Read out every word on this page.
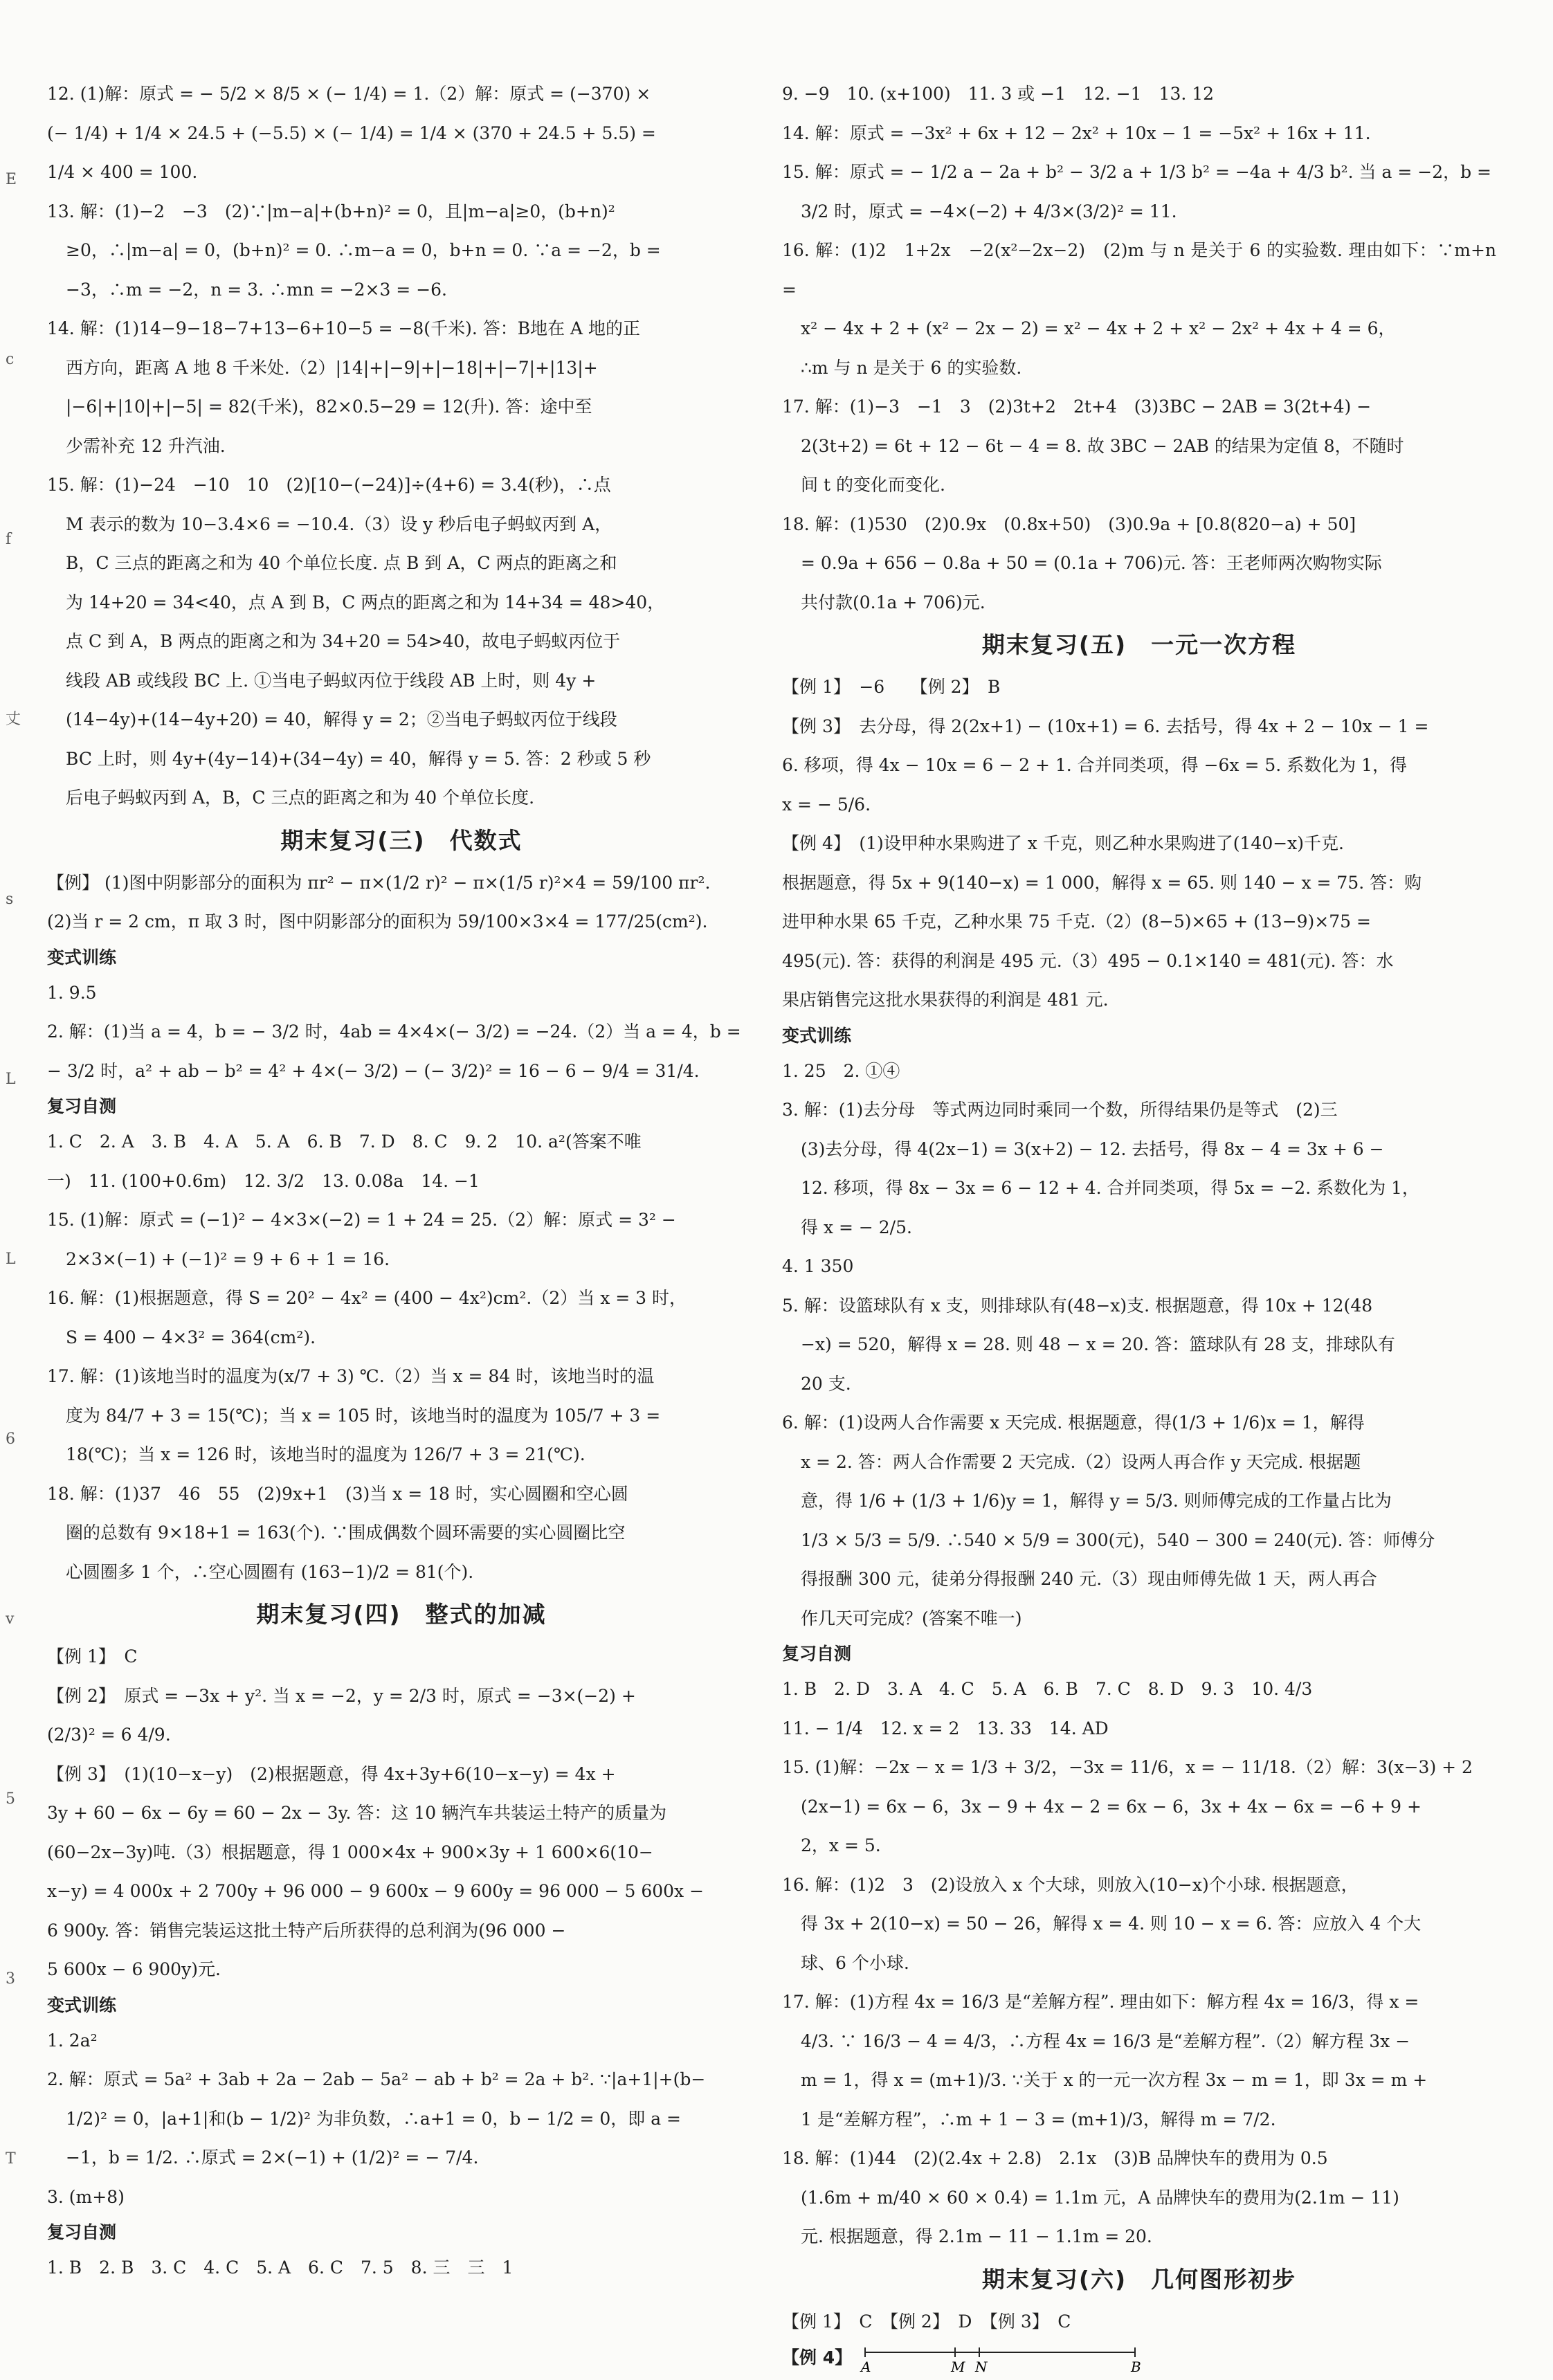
E
c
f
丈
s
L
L
6
v
5
3
T

12. (1)解：原式 = − 5/2 × 8/5 × (− 1/4) = 1.（2）解：原式 = (−370) ×

(− 1/4) + 1/4 × 24.5 + (−5.5) × (− 1/4) = 1/4 × (370 + 24.5 + 5.5) =

1/4 × 400 = 100.

13. 解：(1)−2　−3　(2)∵|m−a|+(b+n)² = 0，且|m−a|≥0，(b+n)²

≥0，∴|m−a| = 0，(b+n)² = 0. ∴m−a = 0，b+n = 0. ∵a = −2，b =

−3，∴m = −2，n = 3. ∴mn = −2×3 = −6.

14. 解：(1)14−9−18−7+13−6+10−5 = −8(千米). 答：B地在 A 地的正

西方向，距离 A 地 8 千米处.（2）|14|+|−9|+|−18|+|−7|+|13|+

|−6|+|10|+|−5| = 82(千米)，82×0.5−29 = 12(升). 答：途中至

少需补充 12 升汽油.

15. 解：(1)−24　−10　10　(2)[10−(−24)]÷(4+6) = 3.4(秒)，∴点

M 表示的数为 10−3.4×6 = −10.4.（3）设 y 秒后电子蚂蚁丙到 A，

B，C 三点的距离之和为 40 个单位长度. 点 B 到 A，C 两点的距离之和

为 14+20 = 34<40，点 A 到 B，C 两点的距离之和为 14+34 = 48>40，

点 C 到 A，B 两点的距离之和为 34+20 = 54>40，故电子蚂蚁丙位于

线段 AB 或线段 BC 上. ①当电子蚂蚁丙位于线段 AB 上时，则 4y +

(14−4y)+(14−4y+20) = 40，解得 y = 2；②当电子蚂蚁丙位于线段

BC 上时，则 4y+(4y−14)+(34−4y) = 40，解得 y = 5. 答：2 秒或 5 秒

后电子蚂蚁丙到 A，B，C 三点的距离之和为 40 个单位长度.

期末复习(三)　代数式

【例】 (1)图中阴影部分的面积为 πr² − π×(1/2 r)² − π×(1/5 r)²×4 = 59/100 πr².

(2)当 r = 2 cm，π 取 3 时，图中阴影部分的面积为 59/100×3×4 = 177/25(cm²).

变式训练

1. 9.5

2. 解：(1)当 a = 4，b = − 3/2 时，4ab = 4×4×(− 3/2) = −24.（2）当 a = 4，b =

− 3/2 时，a² + ab − b² = 4² + 4×(− 3/2) − (− 3/2)² = 16 − 6 − 9/4 = 31/4.

复习自测

1. C　2. A　3. B　4. A　5. A　6. B　7. D　8. C　9. 2　10. a²(答案不唯

一)　11. (100+0.6m)　12. 3/2　13. 0.08a　14. −1

15. (1)解：原式 = (−1)² − 4×3×(−2) = 1 + 24 = 25.（2）解：原式 = 3² −

2×3×(−1) + (−1)² = 9 + 6 + 1 = 16.

16. 解：(1)根据题意，得 S = 20² − 4x² = (400 − 4x²)cm².（2）当 x = 3 时，

S = 400 − 4×3² = 364(cm²).

17. 解：(1)该地当时的温度为(x/7 + 3) ℃.（2）当 x = 84 时，该地当时的温

度为 84/7 + 3 = 15(℃)；当 x = 105 时，该地当时的温度为 105/7 + 3 =

18(℃)；当 x = 126 时，该地当时的温度为 126/7 + 3 = 21(℃).

18. 解：(1)37　46　55　(2)9x+1　(3)当 x = 18 时，实心圆圈和空心圆

圈的总数有 9×18+1 = 163(个). ∵围成偶数个圆环需要的实心圆圈比空

心圆圈多 1 个，∴空心圆圈有 (163−1)/2 = 81(个).

期末复习(四)　整式的加减

【例 1】　C

【例 2】　原式 = −3x + y². 当 x = −2，y = 2/3 时，原式 = −3×(−2) +

(2/3)² = 6 4/9.

【例 3】　(1)(10−x−y)　(2)根据题意，得 4x+3y+6(10−x−y) = 4x +

3y + 60 − 6x − 6y = 60 − 2x − 3y. 答：这 10 辆汽车共装运土特产的质量为

(60−2x−3y)吨.（3）根据题意，得 1 000×4x + 900×3y + 1 600×6(10−

x−y) = 4 000x + 2 700y + 96 000 − 9 600x − 9 600y = 96 000 − 5 600x −

6 900y. 答：销售完装运这批土特产后所获得的总利润为(96 000 −

5 600x − 6 900y)元.

变式训练

1. 2a²

2. 解：原式 = 5a² + 3ab + 2a − 2ab − 5a² − ab + b² = 2a + b². ∵|a+1|+(b−

1/2)² = 0，|a+1|和(b − 1/2)² 为非负数，∴a+1 = 0，b − 1/2 = 0，即 a =

−1，b = 1/2. ∴原式 = 2×(−1) + (1/2)² = − 7/4.

3. (m+8)

复习自测

1. B　2. B　3. C　4. C　5. A　6. C　7. 5　8. 三　三　1

9. −9　10. (x+100)　11. 3 或 −1　12. −1　13. 12

14. 解：原式 = −3x² + 6x + 12 − 2x² + 10x − 1 = −5x² + 16x + 11.

15. 解：原式 = − 1/2 a − 2a + b² − 3/2 a + 1/3 b² = −4a + 4/3 b². 当 a = −2，b =

3/2 时，原式 = −4×(−2) + 4/3×(3/2)² = 11.

16. 解：(1)2　1+2x　−2(x²−2x−2)　(2)m 与 n 是关于 6 的实验数. 理由如下：∵m+n =

x² − 4x + 2 + (x² − 2x − 2) = x² − 4x + 2 + x² − 2x² + 4x + 4 = 6，

∴m 与 n 是关于 6 的实验数.

17. 解：(1)−3　−1　3　(2)3t+2　2t+4　(3)3BC − 2AB = 3(2t+4) −

2(3t+2) = 6t + 12 − 6t − 4 = 8. 故 3BC − 2AB 的结果为定值 8，不随时

间 t 的变化而变化.

18. 解：(1)530　(2)0.9x　(0.8x+50)　(3)0.9a + [0.8(820−a) + 50]

= 0.9a + 656 − 0.8a + 50 = (0.1a + 706)元. 答：王老师两次购物实际

共付款(0.1a + 706)元.

期末复习(五)　一元一次方程

【例 1】　−6　　【例 2】　B

【例 3】　去分母，得 2(2x+1) − (10x+1) = 6. 去括号，得 4x + 2 − 10x − 1 =

6. 移项，得 4x − 10x = 6 − 2 + 1. 合并同类项，得 −6x = 5. 系数化为 1，得

x = − 5/6.

【例 4】　(1)设甲种水果购进了 x 千克，则乙种水果购进了(140−x)千克.

根据题意，得 5x + 9(140−x) = 1 000，解得 x = 65. 则 140 − x = 75. 答：购

进甲种水果 65 千克，乙种水果 75 千克.（2）(8−5)×65 + (13−9)×75 =

495(元). 答：获得的利润是 495 元.（3）495 − 0.1×140 = 481(元). 答：水

果店销售完这批水果获得的利润是 481 元.

变式训练

1. 25　2. ①④

3. 解：(1)去分母　等式两边同时乘同一个数，所得结果仍是等式　(2)三

(3)去分母，得 4(2x−1) = 3(x+2) − 12. 去括号，得 8x − 4 = 3x + 6 −

12. 移项，得 8x − 3x = 6 − 12 + 4. 合并同类项，得 5x = −2. 系数化为 1，

得 x = − 2/5.

4. 1 350

5. 解：设篮球队有 x 支，则排球队有(48−x)支. 根据题意，得 10x + 12(48

−x) = 520，解得 x = 28. 则 48 − x = 20. 答：篮球队有 28 支，排球队有

20 支.

6. 解：(1)设两人合作需要 x 天完成. 根据题意，得(1/3 + 1/6)x = 1，解得

x = 2. 答：两人合作需要 2 天完成.（2）设两人再合作 y 天完成. 根据题

意，得 1/6 + (1/3 + 1/6)y = 1，解得 y = 5/3. 则师傅完成的工作量占比为

1/3 × 5/3 = 5/9. ∴540 × 5/9 = 300(元)，540 − 300 = 240(元). 答：师傅分

得报酬 300 元，徒弟分得报酬 240 元.（3）现由师傅先做 1 天，两人再合

作几天可完成？(答案不唯一)

复习自测

1. B　2. D　3. A　4. C　5. A　6. B　7. C　8. D　9. 3　10. 4/3

11. − 1/4　12. x = 2　13. 33　14. AD

15. (1)解：−2x − x = 1/3 + 3/2，−3x = 11/6，x = − 11/18.（2）解：3(x−3) + 2

(2x−1) = 6x − 6，3x − 9 + 4x − 2 = 6x − 6，3x + 4x − 6x = −6 + 9 +

2，x = 5.

16. 解：(1)2　3　(2)设放入 x 个大球，则放入(10−x)个小球. 根据题意，

得 3x + 2(10−x) = 50 − 26，解得 x = 4. 则 10 − x = 6. 答：应放入 4 个大

球、6 个小球.

17. 解：(1)方程 4x = 16/3 是“差解方程”. 理由如下：解方程 4x = 16/3，得 x =

4/3. ∵ 16/3 − 4 = 4/3，∴方程 4x = 16/3 是“差解方程”.（2）解方程 3x −

m = 1，得 x = (m+1)/3. ∵关于 x 的一元一次方程 3x − m = 1，即 3x = m +

1 是“差解方程”，∴m + 1 − 3 = (m+1)/3，解得 m = 7/2.

18. 解：(1)44　(2)(2.4x + 2.8)　2.1x　(3)B 品牌快车的费用为 0.5

(1.6m + m/40 × 60 × 0.4) = 1.1m 元，A 品牌快车的费用为(2.1m − 11)

元. 根据题意，得 2.1m − 11 − 1.1m = 20.

期末复习(六)　几何图形初步

【例 1】　C　【例 2】　D　【例 3】　C

【例 4】 A	M N	B
